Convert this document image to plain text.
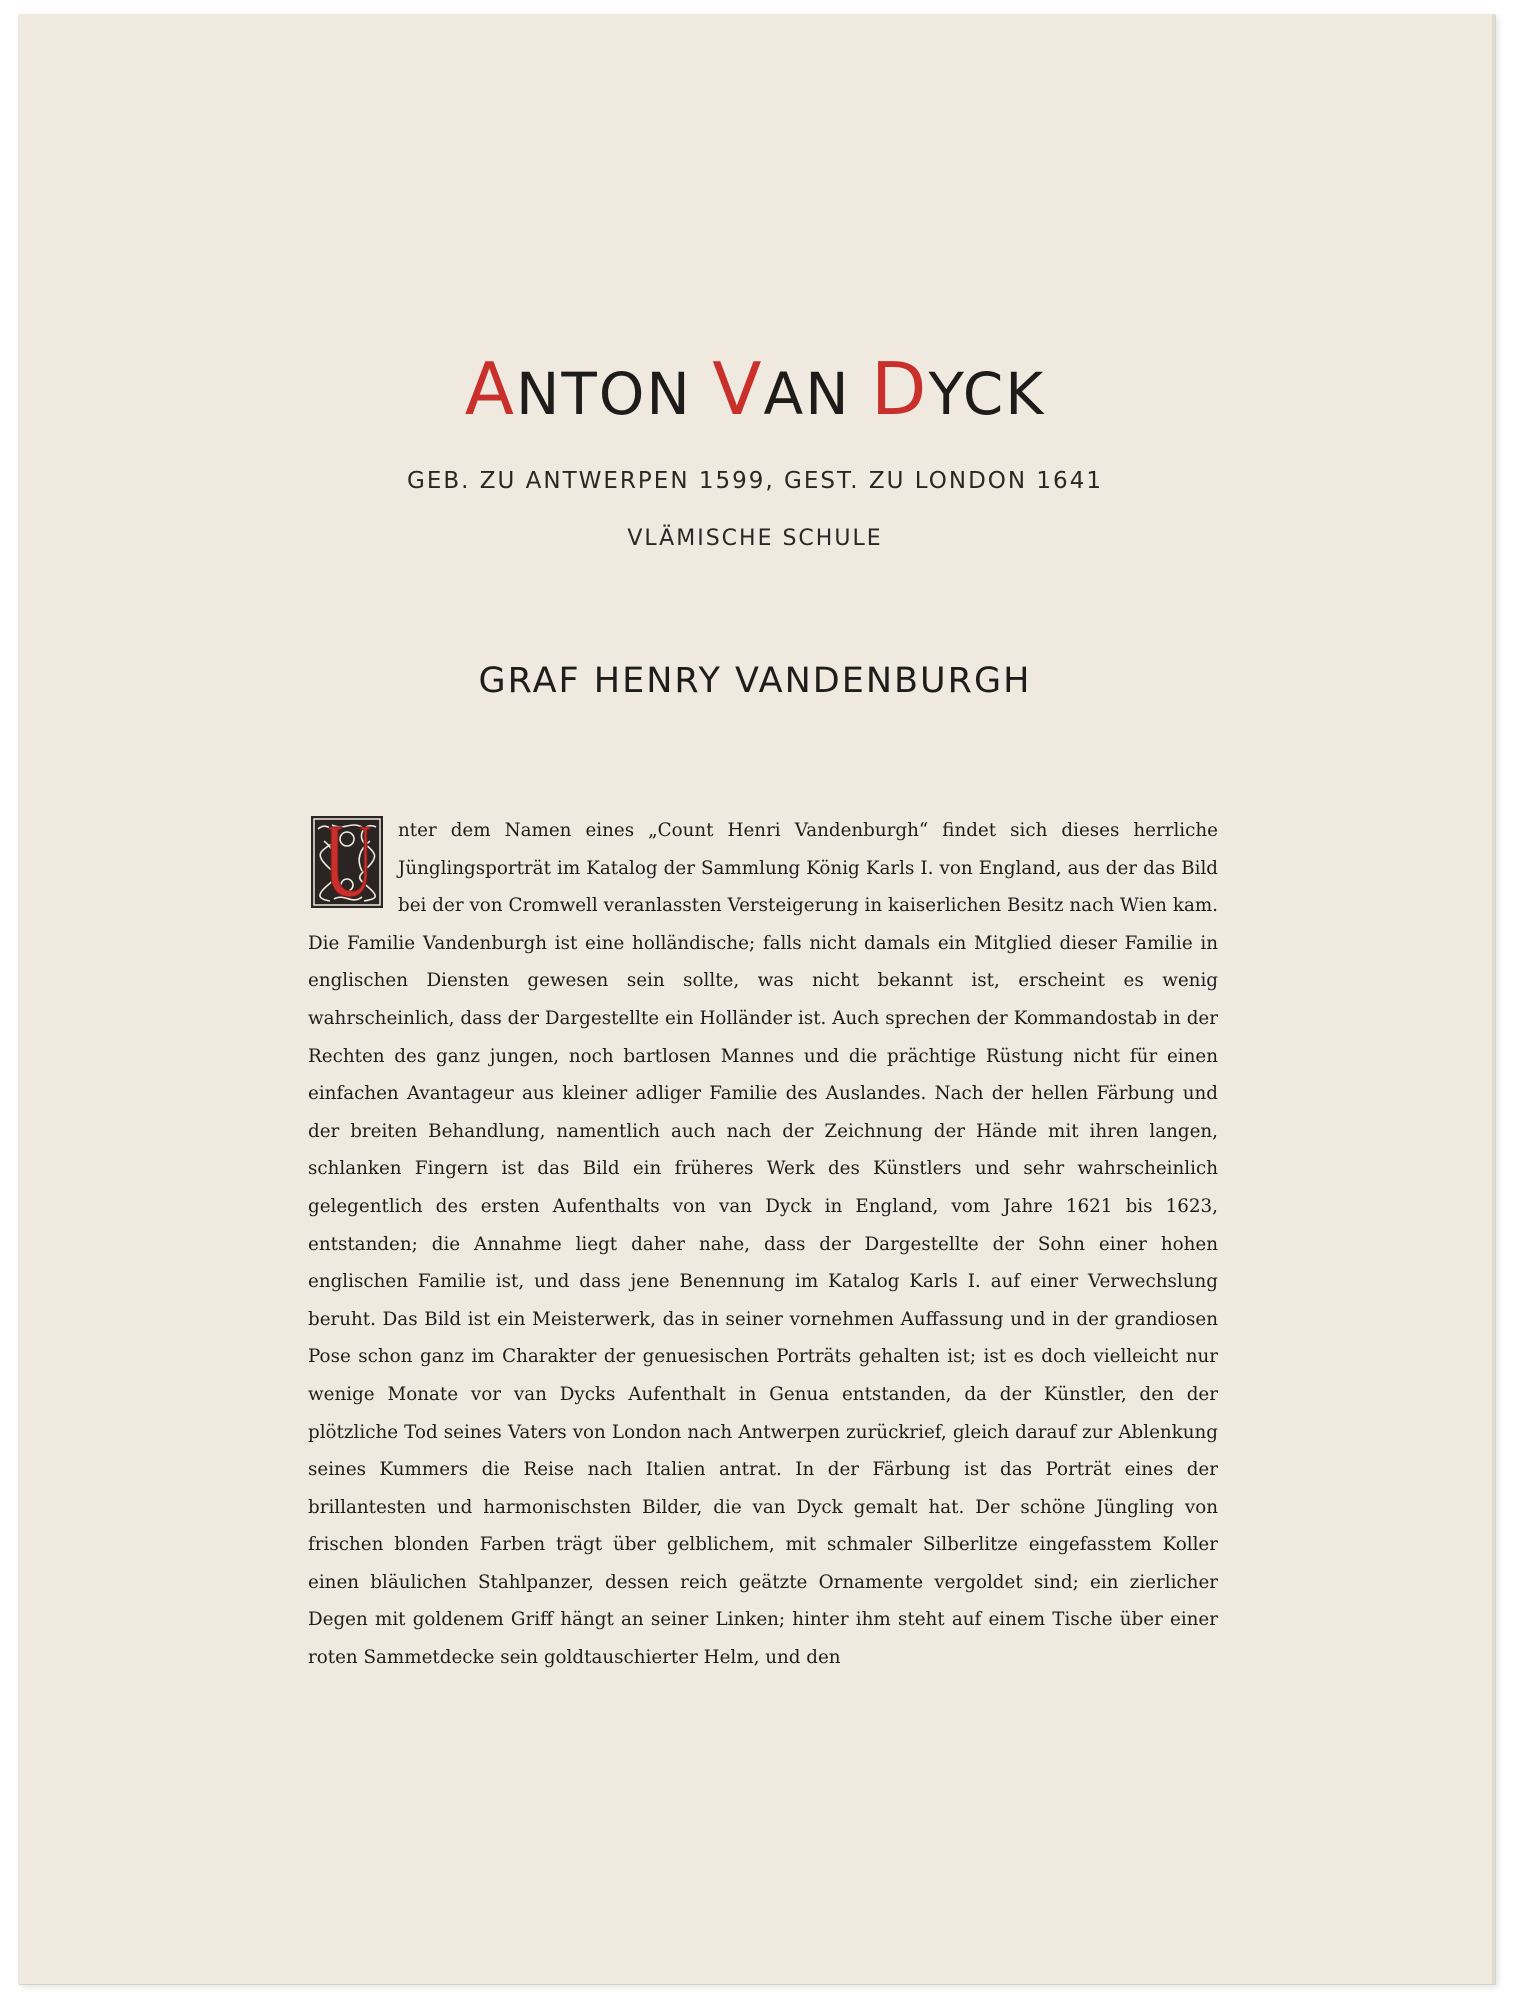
ANTON VAN DYCK

GEB. ZU ANTWERPEN 1599, GEST. ZU LONDON 1641

VLÄMISCHE SCHULE

GRAF HENRY VANDENBURGH
nter dem Namen eines „Count Henri Vandenburgh“ findet sich dieses herrliche Jünglingsporträt im Katalog der Sammlung König Karls I. von England, aus der das Bild bei der von Cromwell veranlassten Versteigerung in kaiserlichen Besitz nach Wien kam. Die Familie Vandenburgh ist eine holländische; falls nicht damals ein Mitglied dieser Familie in englischen Diensten gewesen sein sollte, was nicht bekannt ist, erscheint es wenig wahrscheinlich, dass der Dargestellte ein Holländer ist. Auch sprechen der Kommandostab in der Rechten des ganz jungen, noch bartlosen Mannes und die prächtige Rüstung nicht für einen einfachen Avantageur aus kleiner adliger Familie des Auslandes. Nach der hellen Färbung und der breiten Behandlung, namentlich auch nach der Zeichnung der Hände mit ihren langen, schlanken Fingern ist das Bild ein früheres Werk des Künstlers und sehr wahrscheinlich gelegentlich des ersten Aufenthalts von van Dyck in England, vom Jahre 1621 bis 1623, entstanden; die Annahme liegt daher nahe, dass der Dargestellte der Sohn einer hohen englischen Familie ist, und dass jene Benennung im Katalog Karls I. auf einer Verwechslung beruht. Das Bild ist ein Meisterwerk, das in seiner vornehmen Auffassung und in der grandiosen Pose schon ganz im Charakter der genuesischen Porträts gehalten ist; ist es doch vielleicht nur wenige Monate vor van Dycks Aufenthalt in Genua entstanden, da der Künstler, den der plötzliche Tod seines Vaters von London nach Antwerpen zurückrief, gleich darauf zur Ablenkung seines Kummers die Reise nach Italien antrat. In der Färbung ist das Porträt eines der brillantesten und harmonischsten Bilder, die van Dyck gemalt hat. Der schöne Jüngling von frischen blonden Farben trägt über gelblichem, mit schmaler Silberlitze eingefasstem Koller einen bläulichen Stahlpanzer, dessen reich geätzte Ornamente vergoldet sind; ein zierlicher Degen mit goldenem Griff hängt an seiner Linken; hinter ihm steht auf einem Tische über einer roten Sammetdecke sein goldtauschierter Helm, und den
